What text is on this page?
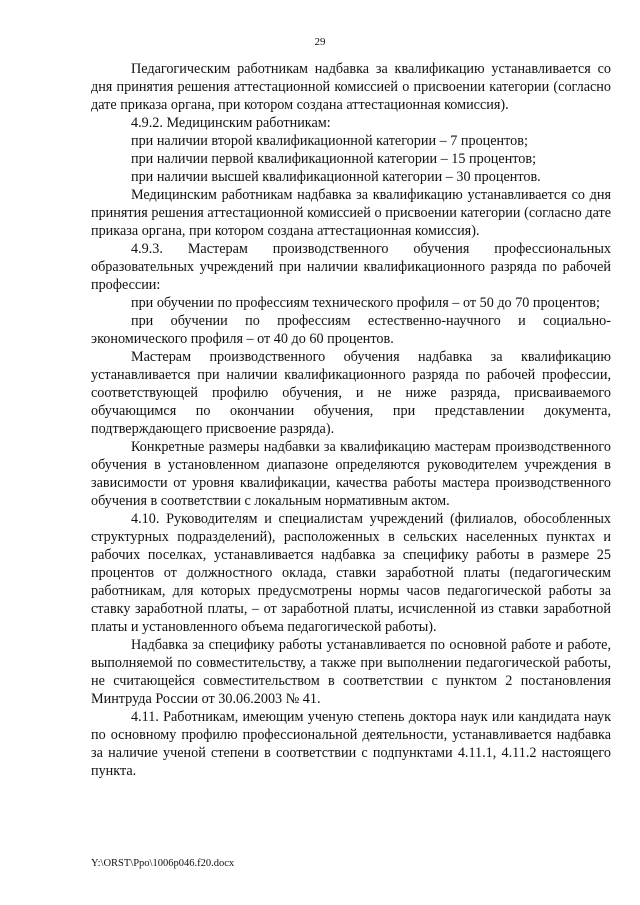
29

Педагогическим работникам надбавка за квалификацию устанавливается со дня принятия решения аттестационной комиссией о присвоении категории (согласно дате приказа органа, при котором создана аттестационная комиссия).

4.9.2. Медицинским работникам:

при наличии второй квалификационной категории – 7 процентов;

при наличии первой квалификационной категории – 15 процентов;

при наличии высшей квалификационной категории – 30 процентов.

Медицинским работникам надбавка за квалификацию устанавливается со дня принятия решения аттестационной комиссией о присвоении категории (согласно дате приказа органа, при котором создана аттестационная комиссия).

4.9.3. Мастерам производственного обучения профессиональных образовательных учреждений при наличии квалификационного разряда по рабочей профессии:

при обучении по профессиям технического профиля – от 50 до 70 процентов;

при обучении по профессиям естественно-научного и социально-экономического профиля – от 40 до 60 процентов.

Мастерам производственного обучения надбавка за квалификацию устанавливается при наличии квалификационного разряда по рабочей профессии, соответствующей профилю обучения, и не ниже разряда, присваиваемого обучающимся по окончании обучения, при представлении документа, подтверждающего присвоение разряда).

Конкретные размеры надбавки за квалификацию мастерам производственного обучения в установленном диапазоне определяются руководителем учреждения в зависимости от уровня квалификации, качества работы мастера производственного обучения в соответствии с локальным нормативным актом.

4.10. Руководителям и специалистам учреждений (филиалов, обособленных структурных подразделений), расположенных в сельских населенных пунктах и рабочих поселках, устанавливается надбавка за специфику работы в размере 25 процентов от должностного оклада, ставки заработной платы (педагогическим работникам, для которых предусмотрены нормы часов педагогической работы за ставку заработной платы, – от заработной платы, исчисленной из ставки заработной платы и установленного объема педагогической работы).

Надбавка за специфику работы устанавливается по основной работе и работе, выполняемой по совместительству, а также при выполнении педагогической работы, не считающейся совместительством в соответствии с пунктом 2 постановления Минтруда России от 30.06.2003 № 41.

4.11. Работникам, имеющим ученую степень доктора наук или кандидата наук по основному профилю профессиональной деятельности, устанавливается надбавка за наличие ученой степени в соответствии с подпунктами 4.11.1, 4.11.2 настоящего пункта.

Y:\ORST\Ppo\1006p046.f20.docx
